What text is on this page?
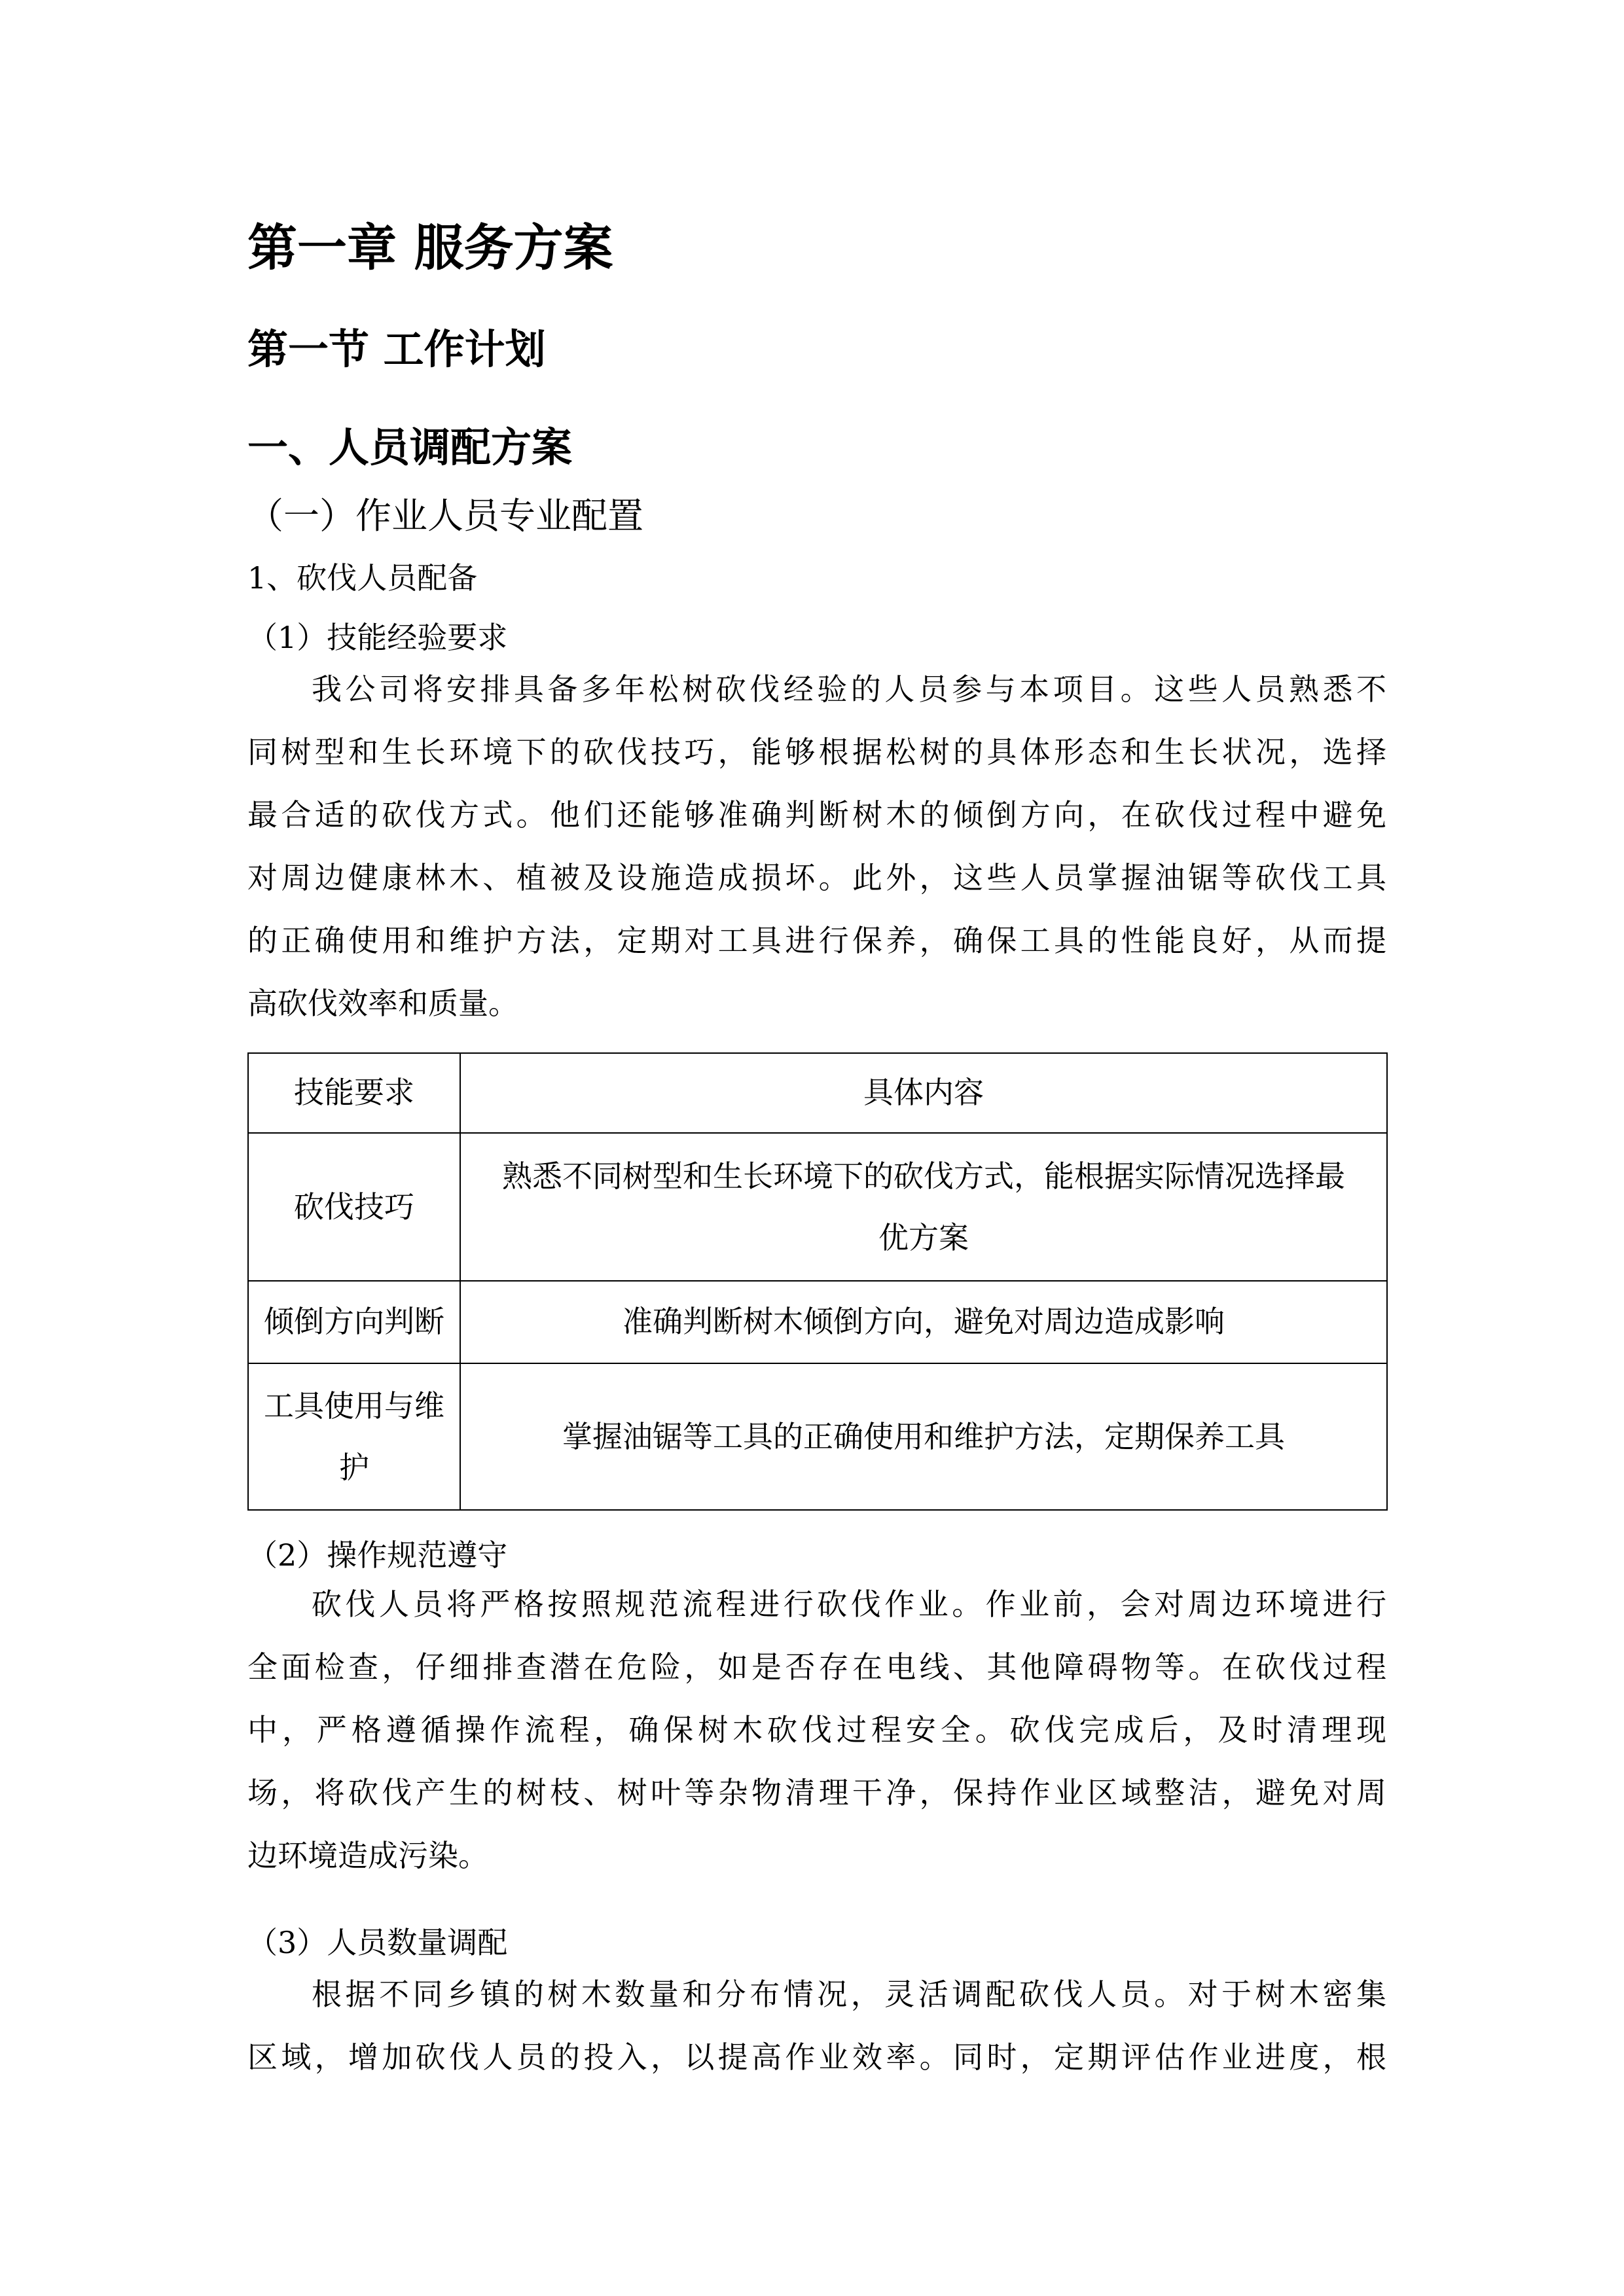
第一章 服务方案
第一节 工作计划
一、人员调配方案
（一）作业人员专业配置
1、砍伐人员配备
（1）技能经验要求
我公司将安排具备多年松树砍伐经验的人员参与本项目。这些人员熟悉不
同树型和生长环境下的砍伐技巧，能够根据松树的具体形态和生长状况，选择
最合适的砍伐方式。他们还能够准确判断树木的倾倒方向，在砍伐过程中避免
对周边健康林木、植被及设施造成损坏。此外，这些人员掌握油锯等砍伐工具
的正确使用和维护方法，定期对工具进行保养，确保工具的性能良好，从而提
高砍伐效率和质量。
技能要求	具体内容
砍伐技巧	熟悉不同树型和生长环境下的砍伐方式，能根据实际情况选择最
优方案

倾倒方向判断	准确判断树木倾倒方向，避免对周边造成影响

工具使用与维
护	掌握油锯等工具的正确使用和维护方法，定期保养工具
（2）操作规范遵守
砍伐人员将严格按照规范流程进行砍伐作业。作业前，会对周边环境进行
全面检查，仔细排查潜在危险，如是否存在电线、其他障碍物等。在砍伐过程
中，严格遵循操作流程，确保树木砍伐过程安全。砍伐完成后，及时清理现
场，将砍伐产生的树枝、树叶等杂物清理干净，保持作业区域整洁，避免对周
边环境造成污染。
（3）人员数量调配
根据不同乡镇的树木数量和分布情况，灵活调配砍伐人员。对于树木密集
区域，增加砍伐人员的投入，以提高作业效率。同时，定期评估作业进度，根
